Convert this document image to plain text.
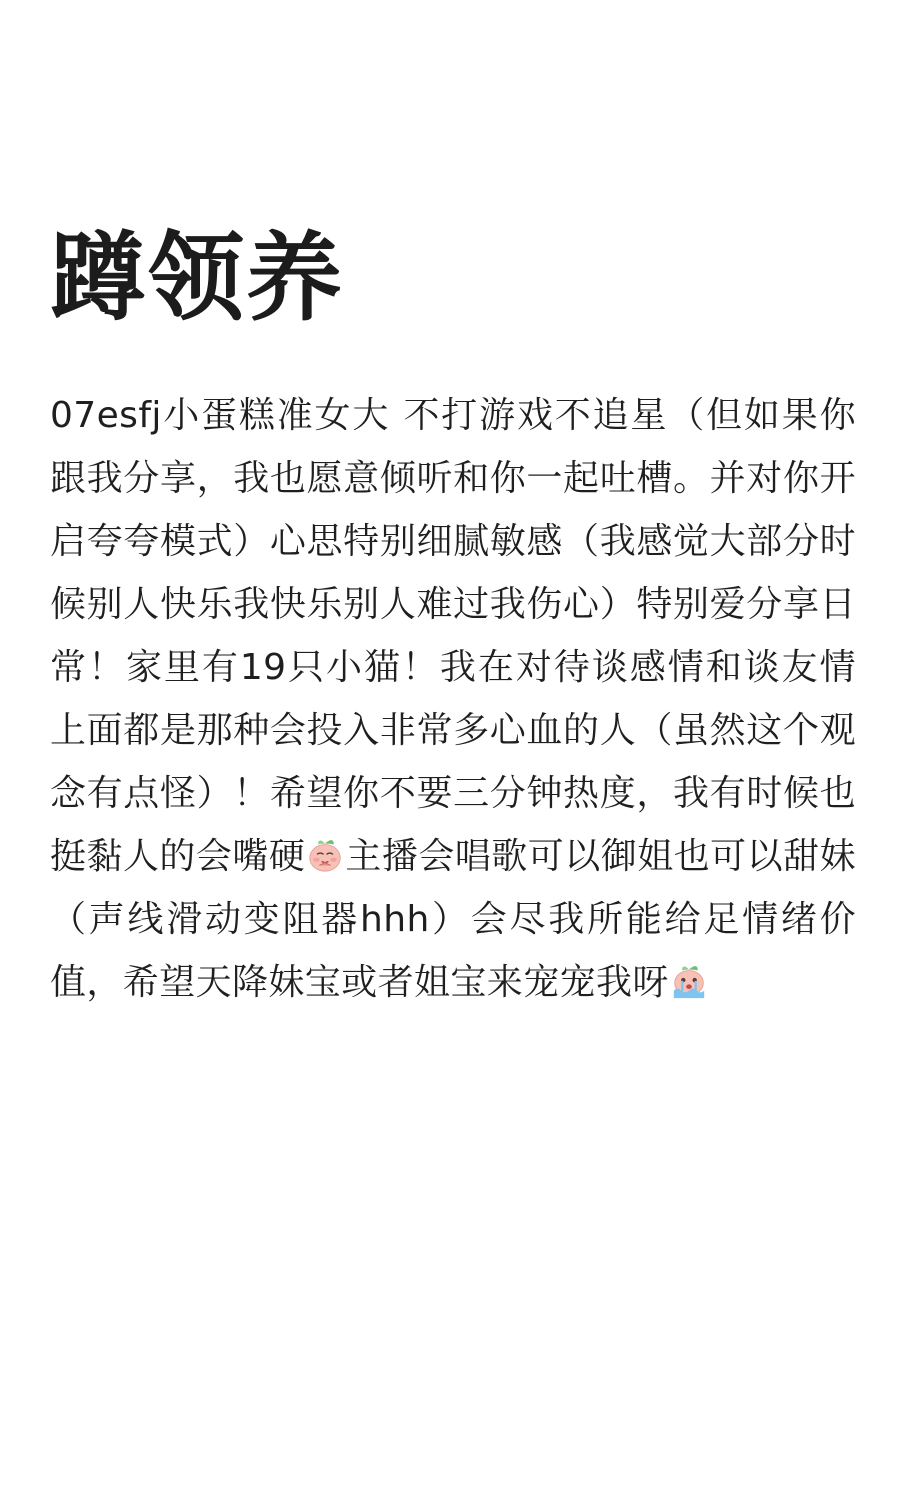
蹲领养

07esfj小蛋糕准女大 不打游戏不追星（但如果你跟我分享，我也愿意倾听和你一起吐槽。并对你开启夸夸模式）心思特别细腻敏感（我感觉大部分时候别人快乐我快乐别人难过我伤心）特别爱分享日常！家里有19只小猫！我在对待谈感情和谈友情上面都是那种会投入非常多心血的人（虽然这个观念有点怪）！希望你不要三分钟热度，我有时候也挺黏人的会嘴硬 主播会唱歌可以御姐也可以甜妹（声线滑动变阻器hhh）会尽我所能给足情绪价值，希望天降妹宝或者姐宝来宠宠我呀
